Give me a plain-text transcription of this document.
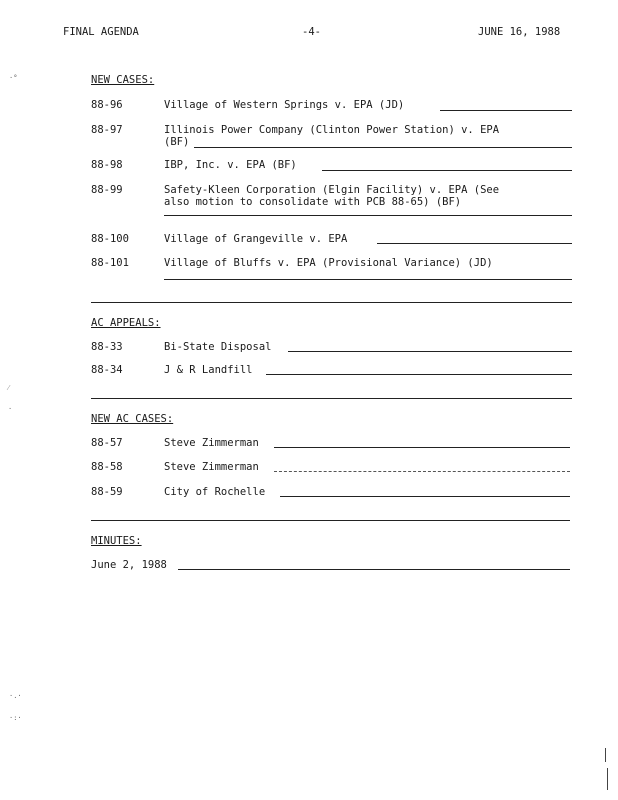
FINAL AGENDA	-4-	JUNE 16, 1988
NEW CASES:
88-96	Village of Western Springs v. EPA (JD)
88-97	Illinois Power Company (Clinton Power Station) v. EPA
(BF)
88-98	IBP, Inc. v. EPA (BF)
88-99	Safety-Kleen Corporation (Elgin Facility) v. EPA (See
also motion to consolidate with PCB 88-65) (BF)
88-100	Village of Grangeville v. EPA
88-101	Village of Bluffs v. EPA (Provisional Variance) (JD)
AC APPEALS:
88-33	Bi-State Disposal
88-34	J & R Landfill
NEW AC CASES:
88-57	Steve Zimmerman
88-58	Steve Zimmerman
88-59	City of Rochelle
MINUTES:
June 2, 1988
·°
⁄
·
·.·
·:·
